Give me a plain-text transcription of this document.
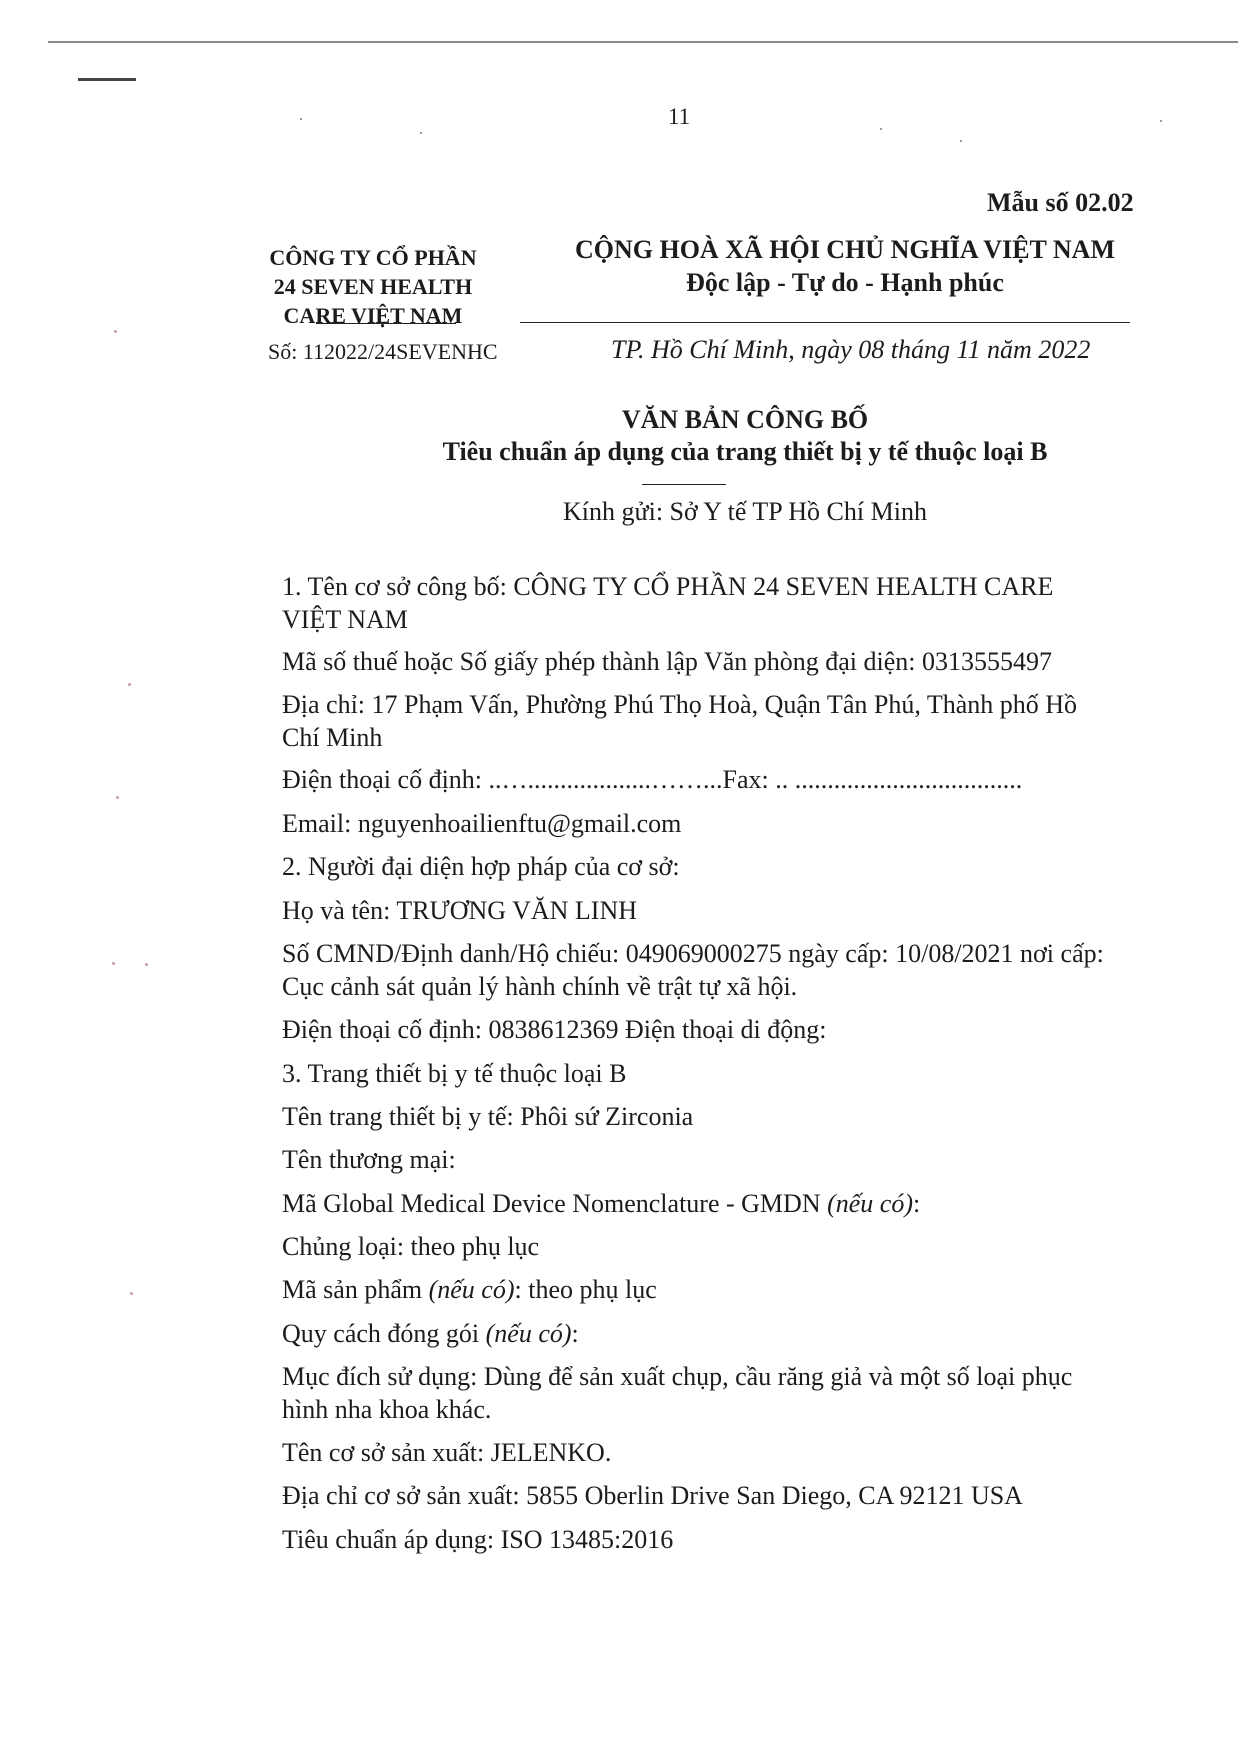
11
Mẫu số 02.02
CÔNG TY CỔ PHẦN
24 SEVEN HEALTH
CARE VIỆT NAM
CỘNG HOÀ XÃ HỘI CHỦ NGHĨA VIỆT NAM
Độc lập - Tự do - Hạnh phúc
Số: 112022/24SEVENHC	TP. Hồ Chí Minh, ngày 08 tháng 11 năm 2022
VĂN BẢN CÔNG BỐ
Tiêu chuẩn áp dụng của trang thiết bị y tế thuộc loại B
Kính gửi: Sở Y tế TP Hồ Chí Minh
1. Tên cơ sở công bố: CÔNG TY CỔ PHẦN 24 SEVEN HEALTH CARE
VIỆT NAM
Mã số thuế hoặc Số giấy phép thành lập Văn phòng đại diện: 0313555497
Địa chỉ: 17 Phạm Vấn, Phường Phú Thọ Hoà, Quận Tân Phú, Thành phố Hồ
Chí Minh
Điện thoại cố định: ..…...................……...Fax: .. ...................................
Email: nguyenhoailienftu@gmail.com
2. Người đại diện hợp pháp của cơ sở:
Họ và tên: TRƯƠNG VĂN LINH
Số CMND/Định danh/Hộ chiếu: 049069000275 ngày cấp: 10/08/2021 nơi cấp:
Cục cảnh sát quản lý hành chính về trật tự xã hội.
Điện thoại cố định: 0838612369 Điện thoại di động:
3. Trang thiết bị y tế thuộc loại B
Tên trang thiết bị y tế: Phôi sứ Zirconia
Tên thương mại:
Mã Global Medical Device Nomenclature - GMDN (nếu có):
Chủng loại: theo phụ lục
Mã sản phẩm (nếu có): theo phụ lục
Quy cách đóng gói (nếu có):
Mục đích sử dụng: Dùng để sản xuất chụp, cầu răng giả và một số loại phục
hình nha khoa khác.
Tên cơ sở sản xuất: JELENKO.
Địa chỉ cơ sở sản xuất: 5855 Oberlin Drive San Diego, CA 92121 USA
Tiêu chuẩn áp dụng: ISO 13485:2016
